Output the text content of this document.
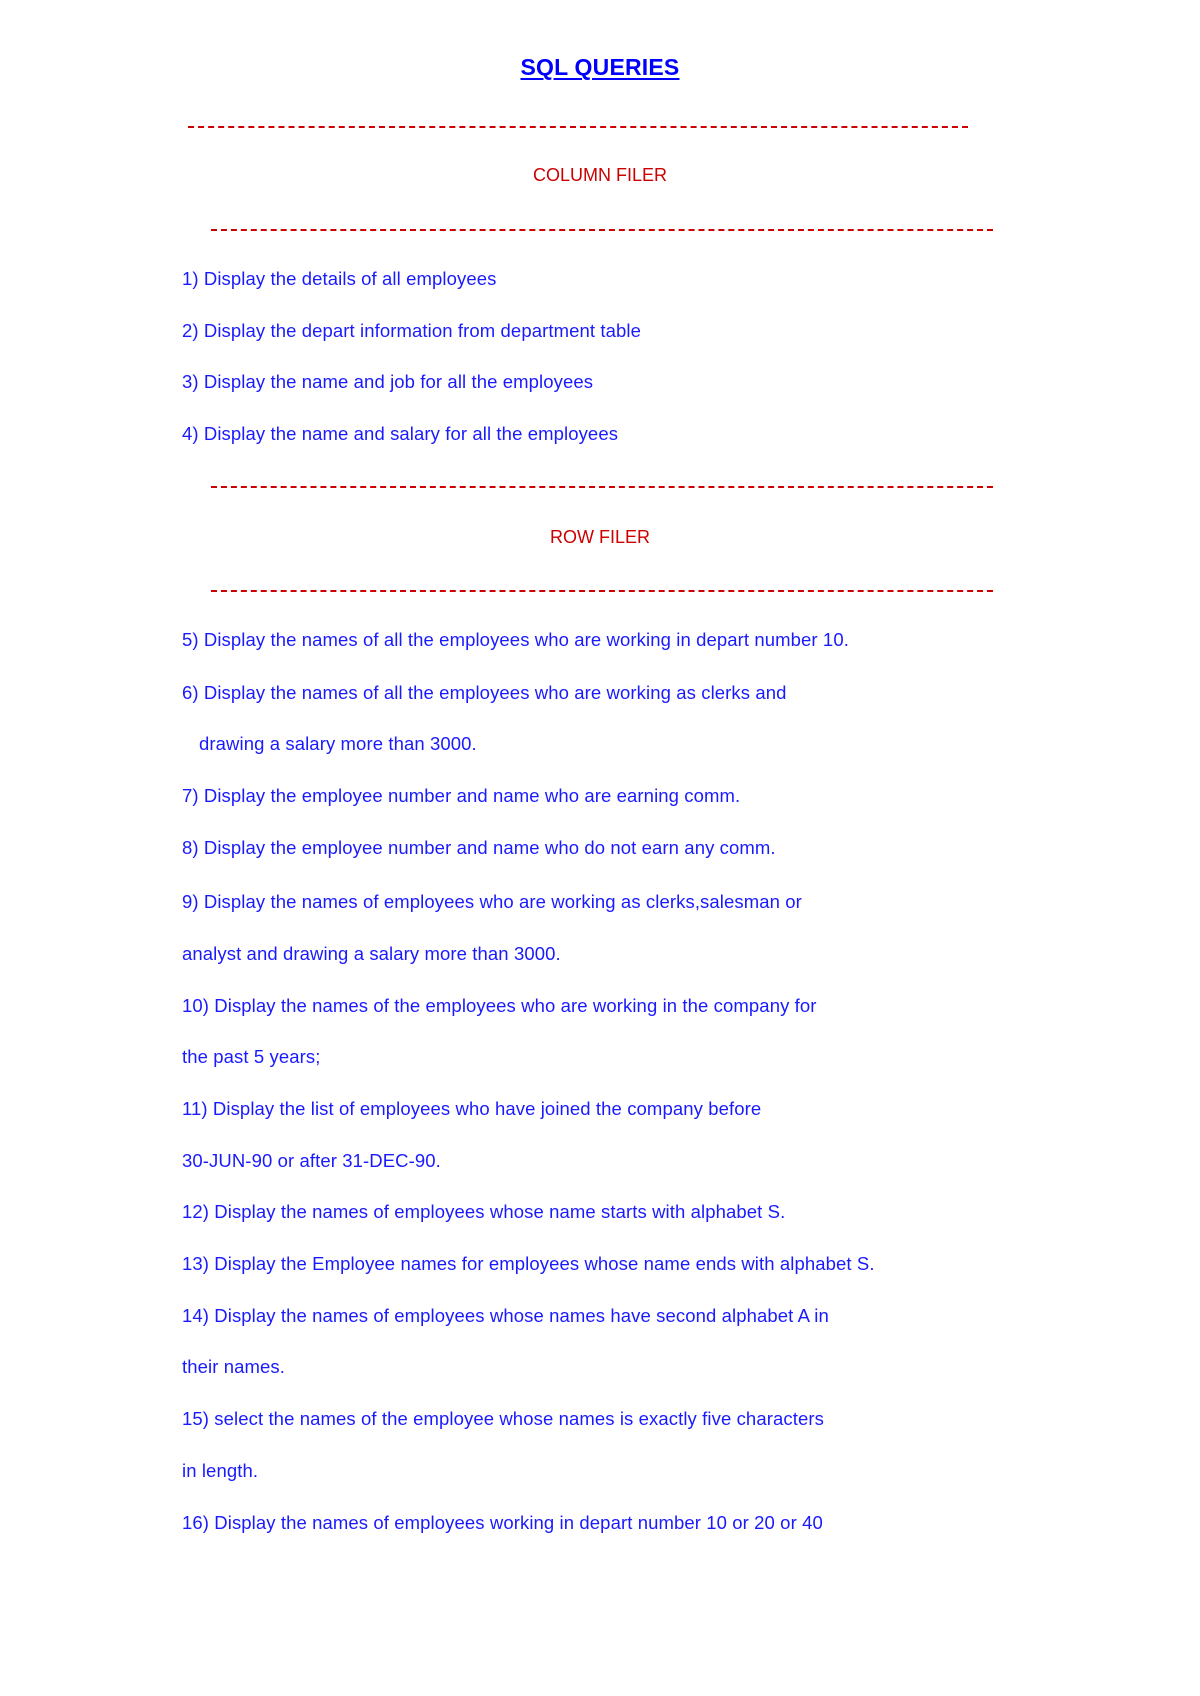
SQL QUERIES
COLUMN FILER
1) Display the details of all employees
2) Display the depart information from department table
3) Display the name and job for all the employees
4) Display the name and salary for all the employees
ROW FILER
5) Display the names of all the employees who are working in depart number 10.
6) Display the names of all the employees who are working as clerks and
drawing a salary more than 3000.
7) Display the employee number and name who are earning comm.
8) Display the employee number and name who do not earn any comm.
9) Display the names of employees who are working as clerks,salesman or
analyst and drawing a salary more than 3000.
10) Display the names of the employees who are working in the company for
the past 5 years;
11) Display the list of employees who have joined the company before
30-JUN-90 or after 31-DEC-90.
12) Display the names of employees whose name starts with alphabet S.
13) Display the Employee names for employees whose name ends with alphabet S.
14) Display the names of employees whose names have second alphabet A in
their names.
15) select the names of the employee whose names is exactly five characters
in length.
16) Display the names of employees working in depart number 10 or 20 or 40
